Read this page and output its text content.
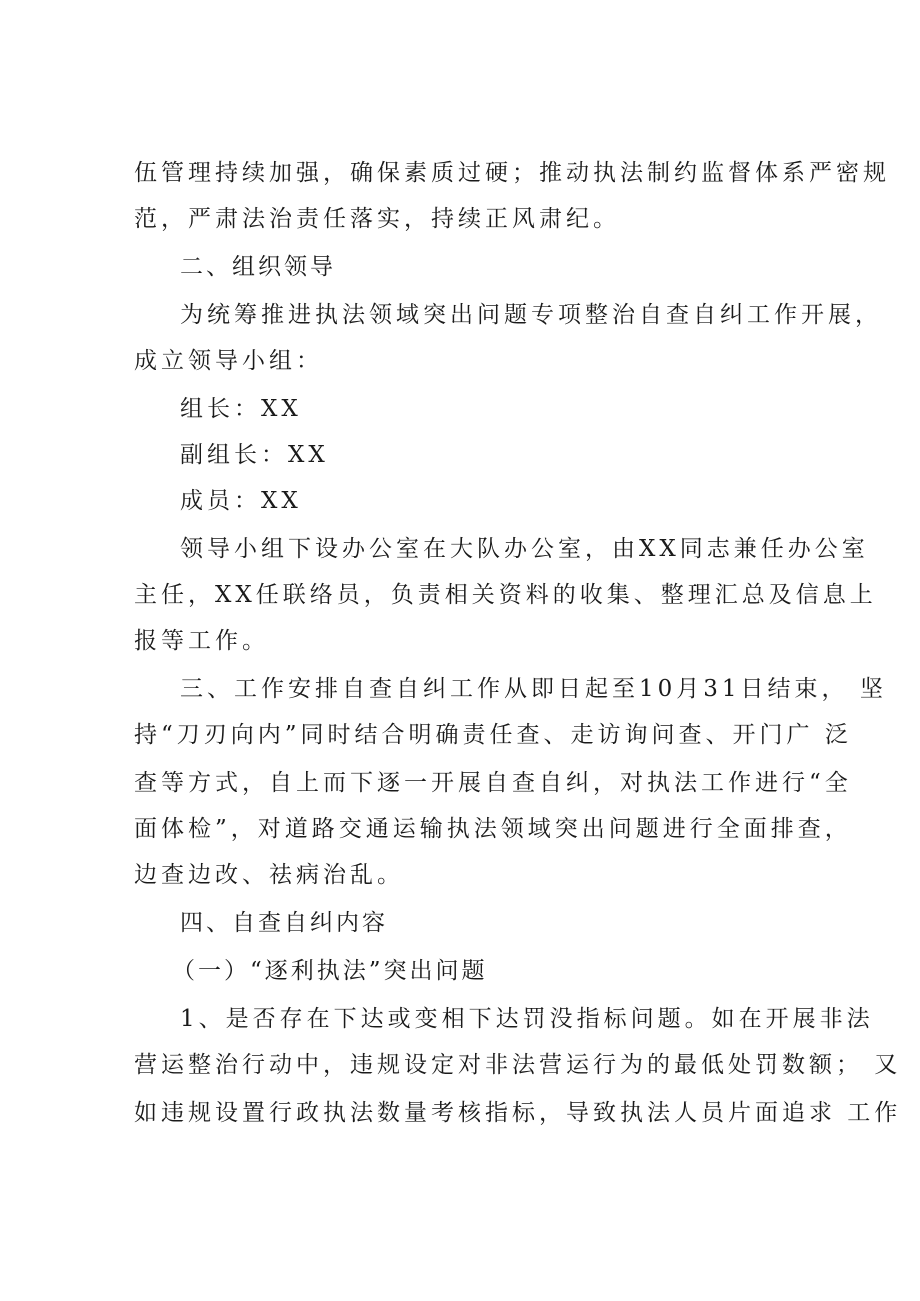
伍管理持续加强，确保素质过硬；推动执法制约监督体系严密规
范，严肃法治责任落实，持续正风肃纪。
二、组织领导
为统筹推进执法领域突出问题专项整治自查自纠工作开展，
成立领导小组：
组长：XX
副组长：XX
成员：XX
领导小组下设办公室在大队办公室，由XX同志兼任办公室
主任，XX任联络员，负责相关资料的收集、整理汇总及信息上
报等工作。
三、工作安排自查自纠工作从即日起至10月31日结束， 坚
持“刀刃向内”同时结合明确责任查、走访询问查、开门广 泛
查等方式，自上而下逐一开展自查自纠，对执法工作进行“全
面体检”，对道路交通运输执法领域突出问题进行全面排查，
边查边改、祛病治乱。
四、自查自纠内容
（一）“逐利执法”突出问题
1、是否存在下达或变相下达罚没指标问题。如在开展非法
营运整治行动中，违规设定对非法营运行为的最低处罚数额； 又
如违规设置行政执法数量考核指标，导致执法人员片面追求 工作
